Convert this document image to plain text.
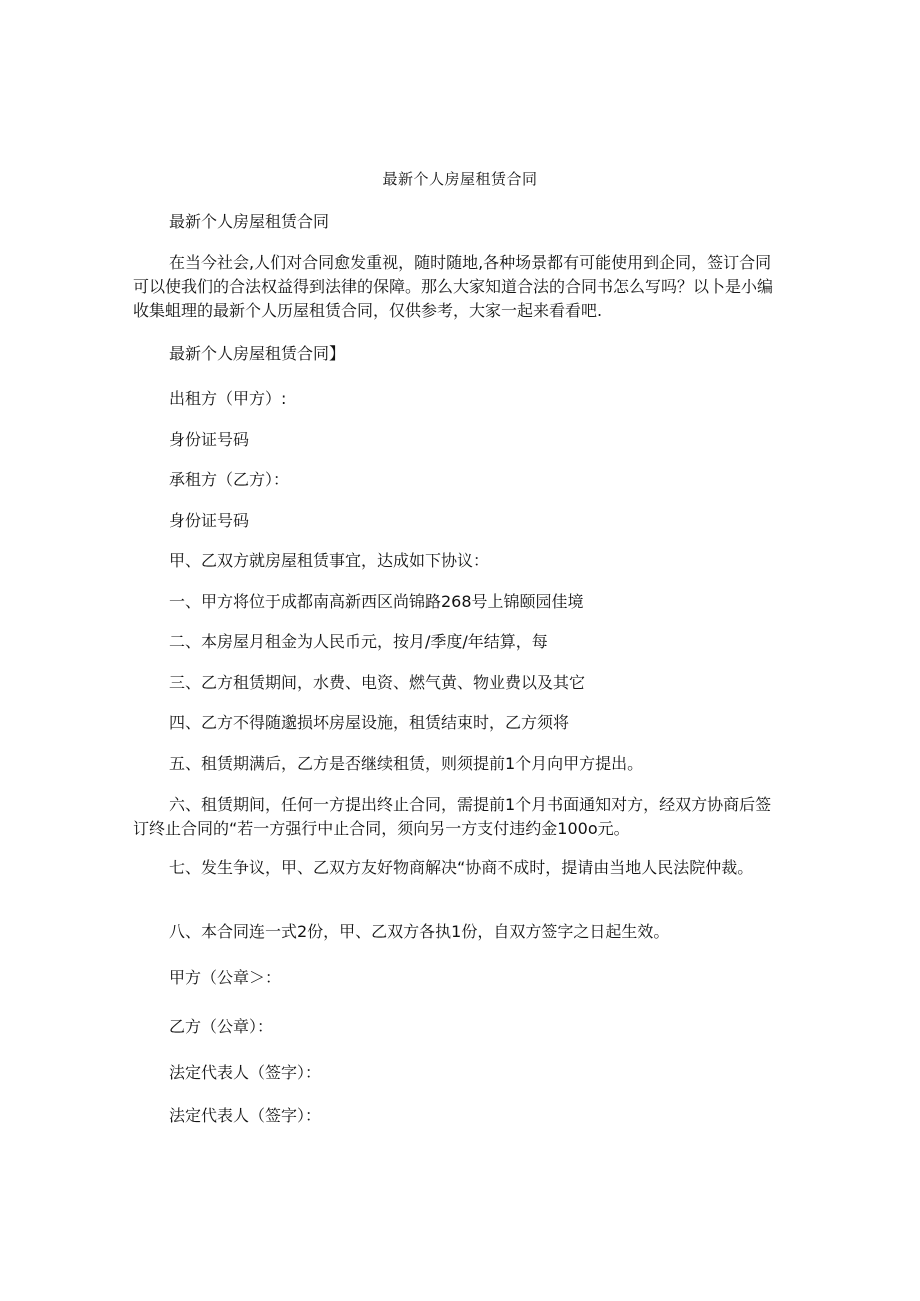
最新个人房屋租赁合同

最新个人房屋租赁合同

在当今社会,人们对合同愈发重视，随时随地,各种场景都有可能使用到企同，签订合同可以使我们的合法权益得到法律的保障。那么大家知道合法的合同书怎么写吗？以卜是小编收集蛆理的最新个人历屋租赁合同，仅供参考，大家一起来看看吧.

最新个人房屋租赁合同】

出租方（甲方）:

身份证号码

承租方（乙方）：

身份证号码

甲、乙双方就房屋租赁事宜，达成如下协议：

一、甲方将位于成都南高新西区尚锦路268号上锦颐园佳境

二、本房屋月租金为人民币元，按月/季度/年结算，每

三、乙方租赁期间，水费、电资、燃气黄、物业费以及其它

四、乙方不得随邈损坏房屋设施，租赁结束时，乙方须将

五、租赁期满后，乙方是否继续租赁，则须提前1个月向甲方提出。

六、租赁期间，任何一方提出终止合同，需提前1个月书面通知对方，经双方协商后签订终止合同的“若一方强行中止合同，须向另一方支付违约金100o元。

七、发生争议，甲、乙双方友好物商解决“协商不成时，提请由当地人民法院仲裁。

八、本合同连一式2份，甲、乙双方各执1份，自双方签字之日起生效。

甲方（公章＞：

乙方（公章）：

法定代表人（签字）：

法定代表人（签字）：
